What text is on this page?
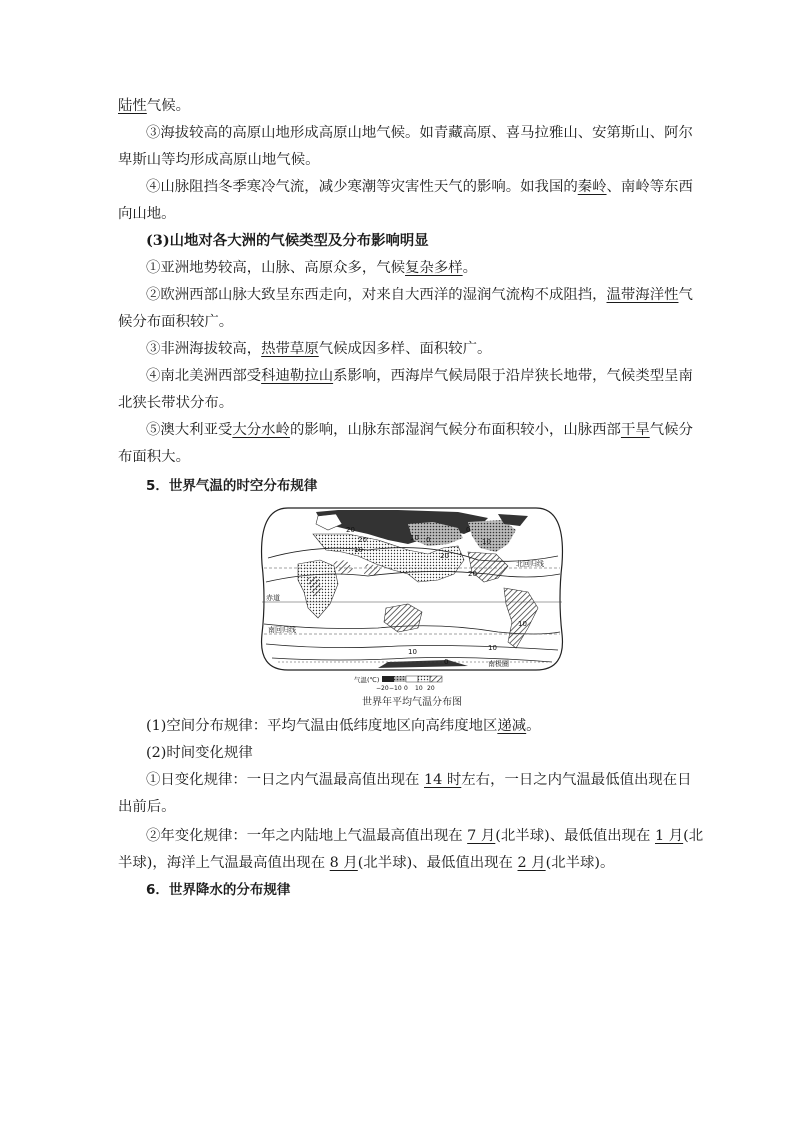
陆性气候。
③海拔较高的高原山地形成高原山地气候。如青藏高原、喜马拉雅山、安第斯山、阿尔
卑斯山等均形成高原山地气候。
④山脉阻挡冬季寒冷气流，减少寒潮等灾害性天气的影响。如我国的秦岭、南岭等东西
向山地。
(3)山地对各大洲的气候类型及分布影响明显
①亚洲地势较高，山脉、高原众多，气候复杂多样。
②欧洲西部山脉大致呈东西走向，对来自大西洋的湿润气流构不成阻挡，温带海洋性气
候分布面积较广。
③非洲海拔较高，热带草原气候成因多样、面积较广。
④南北美洲西部受科迪勒拉山系影响，西海岸气候局限于沿岸狭长地带，气候类型呈南
北狭长带状分布。
⑤澳大利亚受大分水岭的影响，山脉东部湿润气候分布面积较小，山脉西部干旱气候分
布面积大。
5．世界气温的时空分布规律
20
20
20
10
10 0
0
10
20
10
10
0
10
赤道
北回归线
南回归线
南极圈
气温(℃)
−20 −10 0 10 20
世界年平均气温分布图
(1)空间分布规律：平均气温由低纬度地区向高纬度地区递减。
(2)时间变化规律
①日变化规律：一日之内气温最高值出现在 14 时左右，一日之内气温最低值出现在日
出前后。
②年变化规律：一年之内陆地上气温最高值出现在 7 月(北半球)、最低值出现在 1 月(北
半球)，海洋上气温最高值出现在 8 月(北半球)、最低值出现在 2 月(北半球)。
6．世界降水的分布规律
